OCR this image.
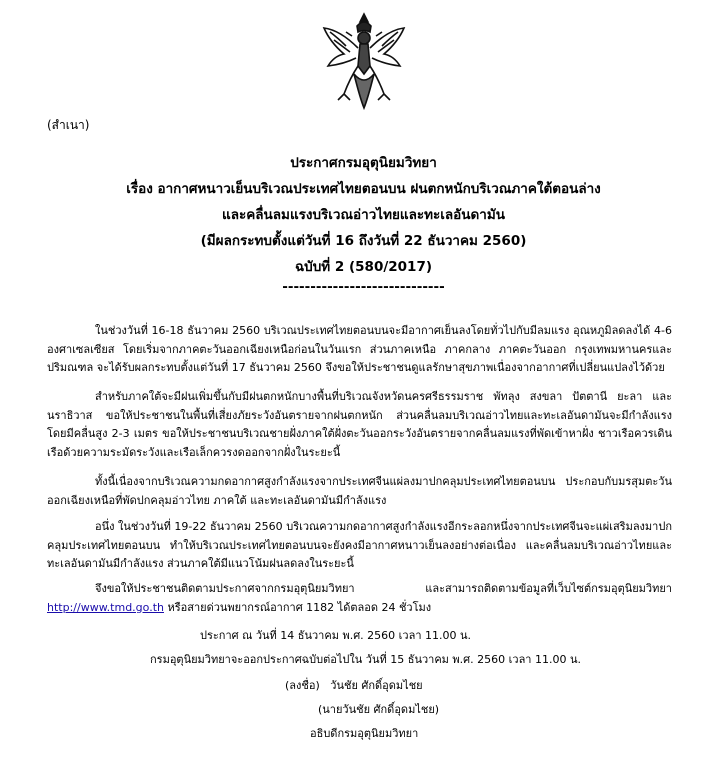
(สำเนา)
ประกาศกรมอุตุนิยมวิทยา
เรื่อง อากาศหนาวเย็นบริเวณประเทศไทยตอนบน ฝนตกหนักบริเวณภาคใต้ตอนล่าง
และคลื่นลมแรงบริเวณอ่าวไทยและทะเลอันดามัน
(มีผลกระทบตั้งแต่วันที่ 16 ถึงวันที่ 22 ธันวาคม 2560)
ฉบับที่ 2 (580/2017)
-----------------------------
ในช่วงวันที่ 16-18 ธันวาคม 2560 บริเวณประเทศไทยตอนบนจะมีอากาศเย็นลงโดยทั่วไปกับมีลมแรง อุณหภูมิลดลงได้ 4-6 องศาเซลเซียส โดยเริ่มจากภาคตะวันออกเฉียงเหนือก่อนในวันแรก ส่วนภาคเหนือ ภาคกลาง ภาคตะวันออก กรุงเทพมหานครและปริมณฑล จะได้รับผลกระทบตั้งแต่วันที่ 17 ธันวาคม 2560 จึงขอให้ประชาชนดูแลรักษาสุขภาพเนื่องจากอากาศที่เปลี่ยนแปลงไว้ด้วย
สำหรับภาคใต้จะมีฝนเพิ่มขึ้นกับมีฝนตกหนักบางพื้นที่บริเวณจังหวัดนครศรีธรรมราช พัทลุง สงขลา ปัตตานี ยะลา และนราธิวาส ขอให้ประชาชนในพื้นที่เสี่ยงภัยระวังอันตรายจากฝนตกหนัก ส่วนคลื่นลมบริเวณอ่าวไทยและทะเลอันดามันจะมีกำลังแรง โดยมีคลื่นสูง 2-3 เมตร ขอให้ประชาชนบริเวณชายฝั่งภาคใต้ฝั่งตะวันออกระวังอันตรายจากคลื่นลมแรงที่พัดเข้าหาฝั่ง ชาวเรือควรเดินเรือด้วยความระมัดระวังและเรือเล็กควรงดออกจากฝั่งในระยะนี้
ทั้งนี้เนื่องจากบริเวณความกดอากาศสูงกำลังแรงจากประเทศจีนแผ่ลงมาปกคลุมประเทศไทยตอนบน ประกอบกับมรสุมตะวันออกเฉียงเหนือที่พัดปกคลุมอ่าวไทย ภาคใต้ และทะเลอันดามันมีกำลังแรง
อนึ่ง ในช่วงวันที่ 19-22 ธันวาคม 2560 บริเวณความกดอากาศสูงกำลังแรงอีกระลอกหนึ่งจากประเทศจีนจะแผ่เสริมลงมาปกคลุมประเทศไทยตอนบน ทำให้บริเวณประเทศไทยตอนบนจะยังคงมีอากาศหนาวเย็นลงอย่างต่อเนื่อง และคลื่นลมบริเวณอ่าวไทยและทะเลอันดามันมีกำลังแรง ส่วนภาคใต้มีแนวโน้มฝนลดลงในระยะนี้
จึงขอให้ประชาชนติดตามประกาศจากกรมอุตุนิยมวิทยา และสามารถติดตามข้อมูลที่เว็บไซต์กรมอุตุนิยมวิทยา http://www.tmd.go.th หรือสายด่วนพยากรณ์อากาศ 1182 ได้ตลอด 24 ชั่วโมง
ประกาศ ณ วันที่ 14 ธันวาคม พ.ศ. 2560 เวลา 11.00 น.
กรมอุตุนิยมวิทยาจะออกประกาศฉบับต่อไปใน วันที่ 15 ธันวาคม พ.ศ. 2560 เวลา 11.00 น.
(ลงชื่อ) วันชัย ศักดิ์อุดมไชย
(นายวันชัย ศักดิ์อุดมไชย)
อธิบดีกรมอุตุนิยมวิทยา
